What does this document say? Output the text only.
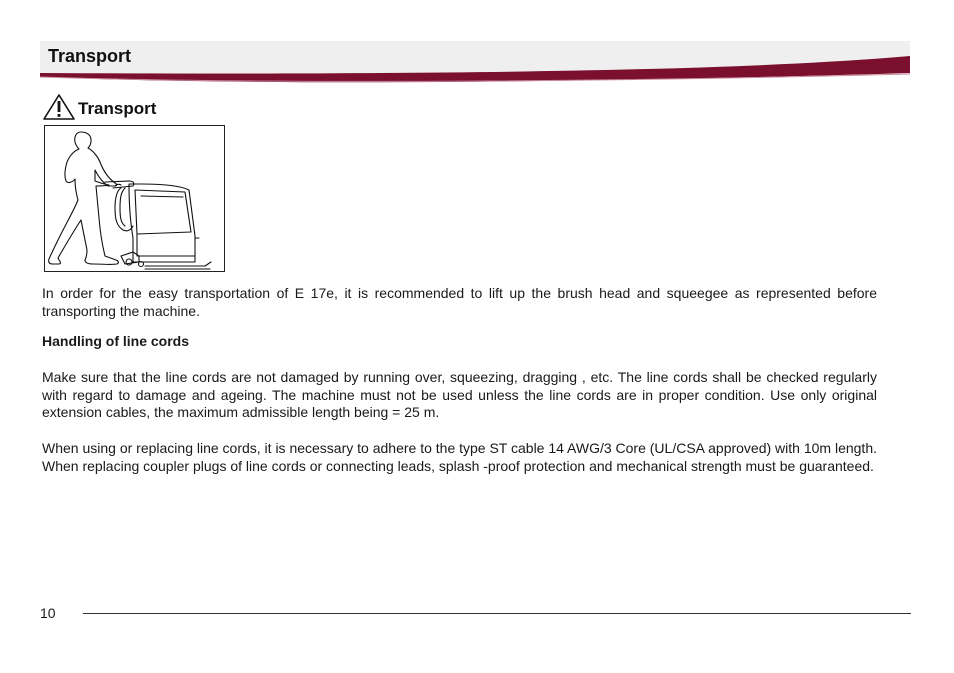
Transport
Transport

In order for the easy transportation of E 17e, it is recommended to lift up the brush head and squeegee as represented before transporting the machine.

Handling of line cords

Make sure that the line cords are not damaged by running over, squeezing, dragging , etc. The line cords shall be checked regularly with regard to damage and ageing. The machine must not be used unless the line cords are in proper condition. Use only original extension cables, the maximum admissible length being = 25 m.

When using or replacing line cords, it is necessary to adhere to the type ST cable 14 AWG/3 Core (UL/CSA approved) with 10m length. When replacing coupler plugs of line cords or connecting leads, splash -proof protection and mechanical strength must be guaranteed.

10
